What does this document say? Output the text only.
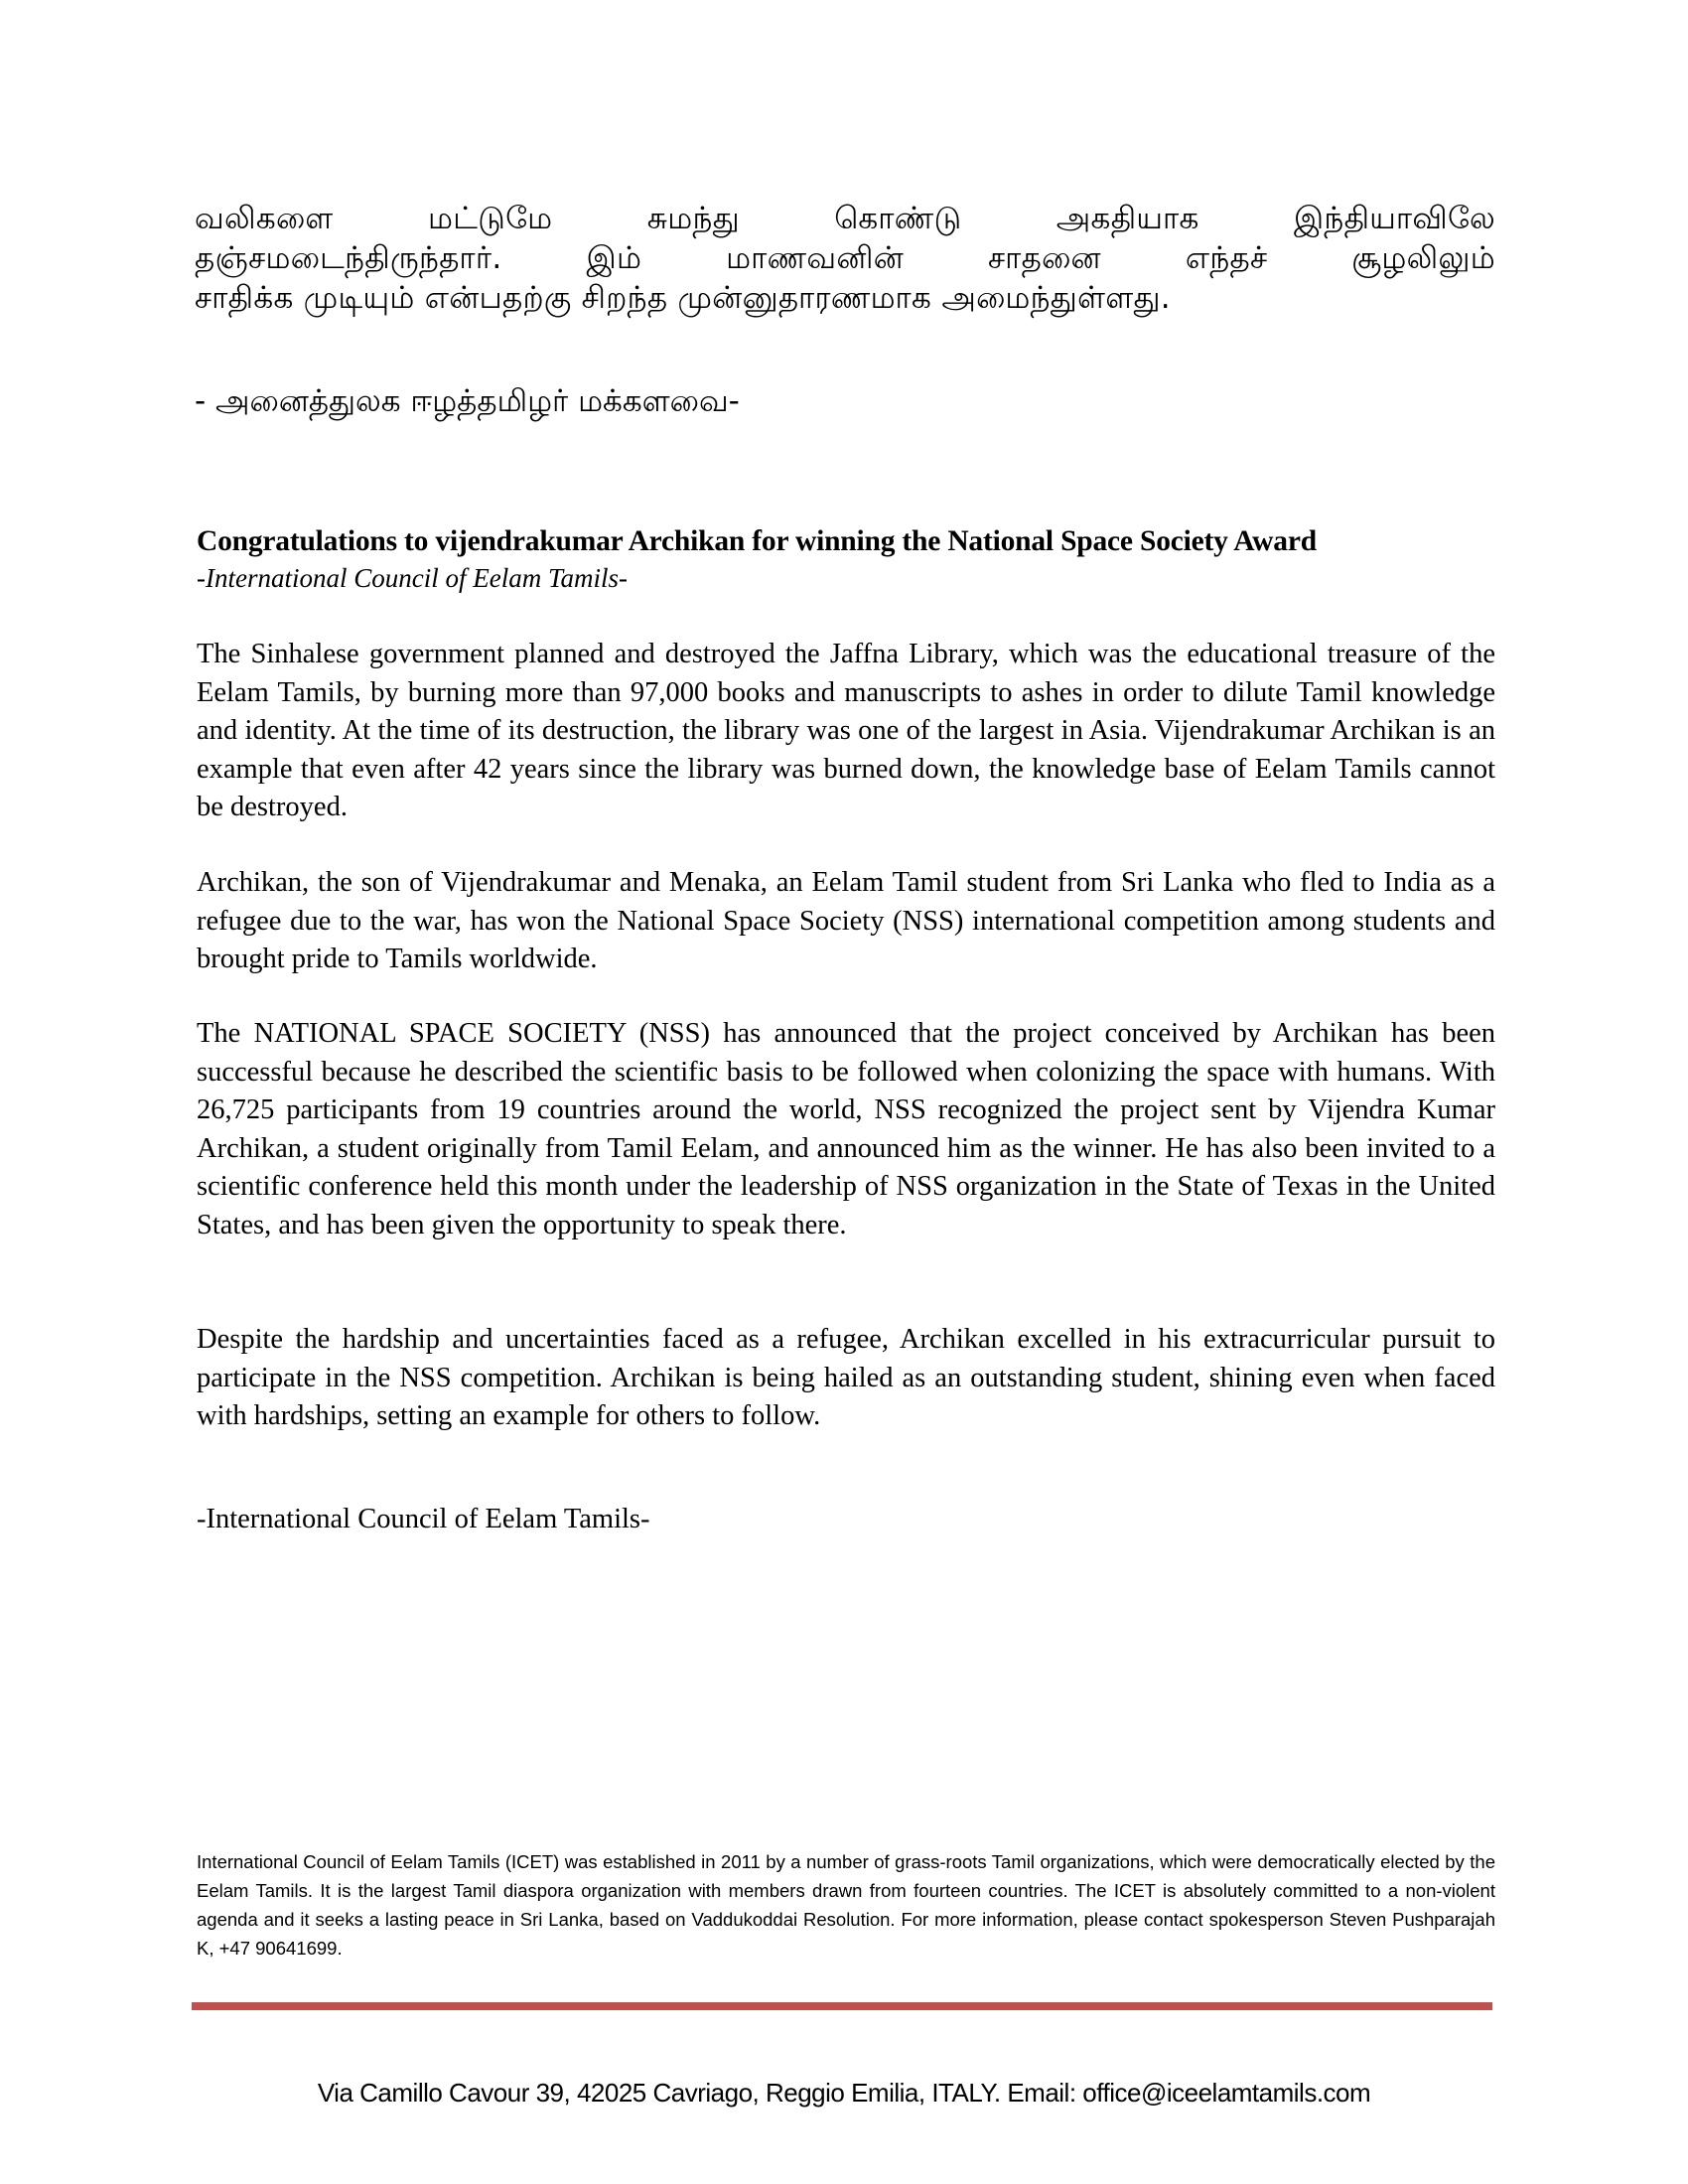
வலிகளை மட்டுமே சுமந்து கொண்டு அகதியாக இந்தியாவிலே
தஞ்சமடைந்திருந்தார். இம் மாணவனின் சாதனை எந்தச் சூழலிலும்
சாதிக்க முடியும் என்பதற்கு சிறந்த முன்னுதாரணமாக அமைந்துள்ளது.
- அனைத்துலக ஈழத்தமிழர் மக்களவை-
Congratulations to vijendrakumar Archikan for winning the National Space Society Award
-International Council of Eelam Tamils-

The Sinhalese government planned and destroyed the Jaffna Library, which was the educational treasure of the Eelam Tamils, by burning more than 97,000 books and manuscripts to ashes in order to dilute Tamil knowledge and identity. At the time of its destruction, the library was one of the largest in Asia. Vijendrakumar Archikan is an example that even after 42 years since the library was burned down, the knowledge base of Eelam Tamils cannot be destroyed.

Archikan, the son of Vijendrakumar and Menaka, an Eelam Tamil student from Sri Lanka who fled to India as a refugee due to the war, has won the National Space Society (NSS) international competition among students and brought pride to Tamils worldwide.

The NATIONAL SPACE SOCIETY (NSS) has announced that the project conceived by Archikan has been successful because he described the scientific basis to be followed when colonizing the space with humans. With 26,725 participants from 19 countries around the world, NSS recognized the project sent by Vijendra Kumar Archikan, a student originally from Tamil Eelam, and announced him as the winner. He has also been invited to a scientific conference held this month under the leadership of NSS organization in the State of Texas in the United States, and has been given the opportunity to speak there.

Despite the hardship and uncertainties faced as a refugee, Archikan excelled in his extracurricular pursuit to participate in the NSS competition. Archikan is being hailed as an outstanding student, shining even when faced with hardships, setting an example for others to follow.

-International Council of Eelam Tamils-

International Council of Eelam Tamils (ICET) was established in 2011 by a number of grass-roots Tamil organizations, which were democratically elected by the Eelam Tamils. It is the largest Tamil diaspora organization with members drawn from fourteen countries. The ICET is absolutely committed to a non-violent agenda and it seeks a lasting peace in Sri Lanka, based on Vaddukoddai Resolution. For more information, please contact spokesperson Steven Pushparajah K, +47 90641699.

Via Camillo Cavour 39, 42025 Cavriago, Reggio Emilia, ITALY. Email: office@iceelamtamils.com
